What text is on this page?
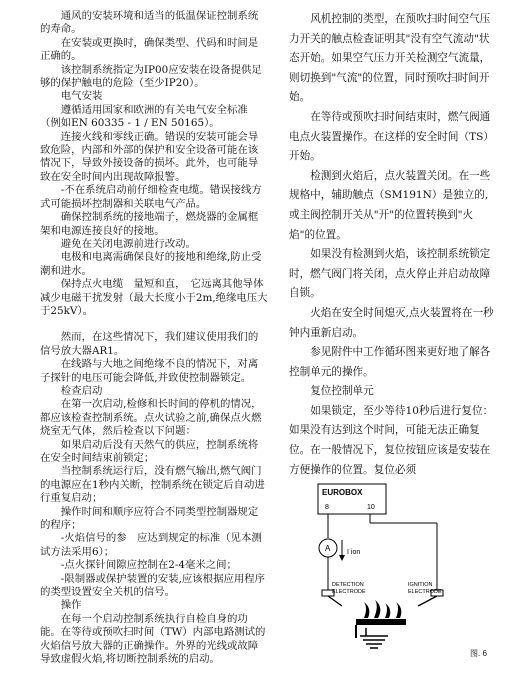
通风的安装环境和适当的低温保证控制系统的寿命。

在安装或更换时，确保类型、代码和时间是正确的。

该控制系统指定为IP00应安装在设备提供足够的保护触电的危险（至少IP20）。

电气安装

遵循适用国家和欧洲的有关电气安全标准（例如EN 60335 - 1 / EN 50165）。

连接火线和零线正确。错误的安装可能会导致危险，内部和外部的保护和安全设备可能在该情况下，导致外接设备的损坏。此外，也可能导致在安全时间内出现故障报警。

-不在系统启动前仔细检查电缆。错误接线方式可能损坏控制器和关联电气产品。

确保控制系统的接地端子，燃烧器的金属框架和电源连接良好的接地。

避免在关闭电源前进行改动。

电极和电离需确保良好的接地和绝缘,防止受潮和进水。

保持点火电缆　量短和直，　它远离其他导体减少电磁干扰发射（最大长度小于2m,绝缘电压大于25kV）。

然而，在这些情况下，我们建议使用我们的信号放大器AR1。

在线路与大地之间绝缘不良的情况下，对离子探针的电压可能会降低,并致使控制器锁定。

检查启动

在第一次启动,检修和长时间的停机的情况，都应该检查控制系统。点火试验之前,确保点火燃烧室无气体，然后检查以下问题：

如果启动后没有天然气的供应，控制系统将在安全时间结束前锁定；

当控制系统运行后，没有燃气输出,燃气阀门的电源应在1秒内关断，控制系统在锁定后自动进行重复启动；

操作时间和顺序应符合不同类型控制器规定的程序；

-火焰信号的参　应达到规定的标准（见本测试方法采用6）；

-点火探针间隙应控制在2-4毫米之间；

-限制器或保护装置的安装,应该根据应用程序的类型设置安全关机的信号。

操作

在每一个启动控制系统执行自检自身的功能。在等待或预吹扫时间（TW）内部电路测试的火焰信号放大器的正确操作。外界的光线或故障导致虚假火焰,将切断控制系统的启动。

风机控制的类型，在预吹扫时间空气压力开关的触点检查证明其"没有空气流动"状态开始。如果空气压力开关检测空气流量，则切换到"气流"的位置，同时预吹扫时间开始。

在等待或预吹扫时间结束时，燃气阀通电点火装置操作。在这样的安全时间（TS）开始。

检测到火焰后，点火装置关闭。在一些规格中，辅助触点（SM191N）是独立的,或主阀控制开关从"开"的位置转换到"火焰"的位置。

如果没有检测到火焰，该控制系统锁定时，燃气阀门将关闭，点火停止并启动故障自锁。

火焰在安全时间熄灭,点火装置将在一秒钟内重新启动。

参见附件中工作循环图来更好地了解各控制单元的操作。

复位控制单元

如果锁定，至少等待10秒后进行复位：如果没有达到这个时间，可能无法正确复位。在一般情况下，复位按钮应该是安装在方便操作的位置。复位必须

EUROBOX
8	10
A I ion
DETECTION
ELECTRODE
IGNITION
ELECTRODE
图. 6
